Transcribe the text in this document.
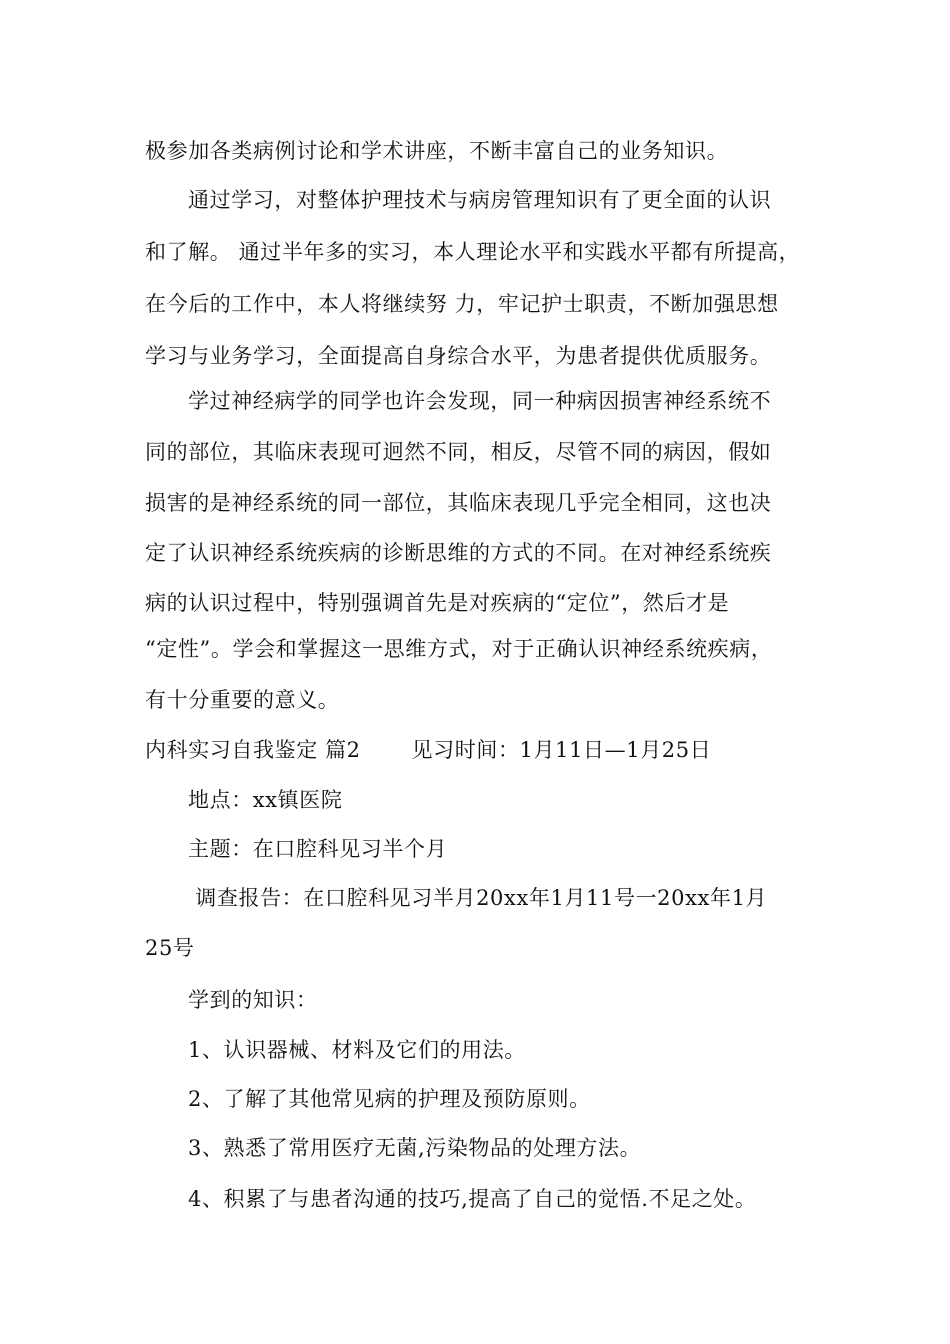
极参加各类病例讨论和学术讲座，不断丰富自己的业务知识。
通过学习，对整体护理技术与病房管理知识有了更全面的认识
和了解。 通过半年多的实习，本人理论水平和实践水平都有所提高，
在今后的工作中，本人将继续努 力，牢记护士职责，不断加强思想
学习与业务学习，全面提高自身综合水平，为患者提供优质服务。
学过神经病学的同学也许会发现，同一种病因损害神经系统不
同的部位，其临床表现可迥然不同，相反，尽管不同的病因，假如
损害的是神经系统的同一部位，其临床表现几乎完全相同，这也决
定了认识神经系统疾病的诊断思维的方式的不同。在对神经系统疾
病的认识过程中，特别强调首先是对疾病的“定位”，然后才是
“定性”。学会和掌握这一思维方式，对于正确认识神经系统疾病，
有十分重要的意义。
内科实习自我鉴定 篇2       见习时间：1月11日—1月25日
地点：xx镇医院
主题：在口腔科见习半个月
调查报告：在口腔科见习半月20xx年1月11号一20xx年1月
25号
学到的知识：
1、认识器械、材料及它们的用法。
2、了解了其他常见病的护理及预防原则。
3、熟悉了常用医疗无菌,污染物品的处理方法。
4、积累了与患者沟通的技巧,提高了自己的觉悟.不足之处。
